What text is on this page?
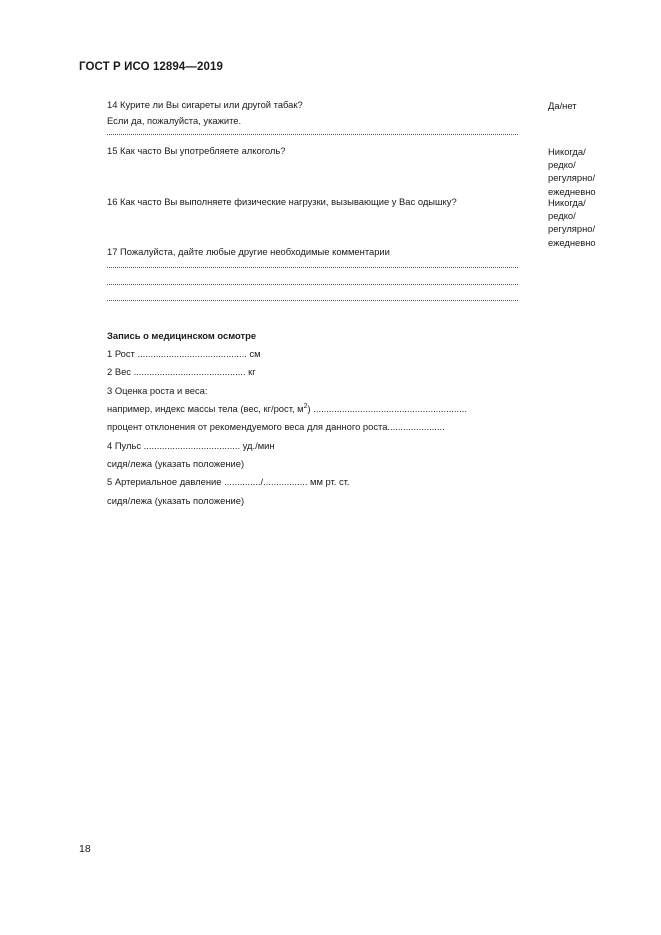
ГОСТ Р ИСО 12894—2019
14 Курите ли Вы сигареты или другой табак?	Да/нет
Если да, пожалуйста, укажите.
15 Как часто Вы употребляете алкоголь?	Никогда/
редко/
регулярно/
ежедневно
16 Как часто Вы выполняете физические нагрузки, вызывающие у Вас одышку?	Никогда/
редко/
регулярно/
ежедневно
17 Пожалуйста, дайте любые другие необходимые комментарии
Запись о медицинском осмотре
1 Рост .......................................... см
2 Вес ........................................... кг
3 Оценка роста и веса:
например, индекс массы тела (вес, кг/рост, $м^2$) ...........................................................
процент отклонения от рекомендуемого веса для данного роста......................
4 Пульс ..................................... уд./мин
сидя/лежа (указать положение)
5 Артериальное давление ............../................. мм рт. ст.
сидя/лежа (указать положение)
18
